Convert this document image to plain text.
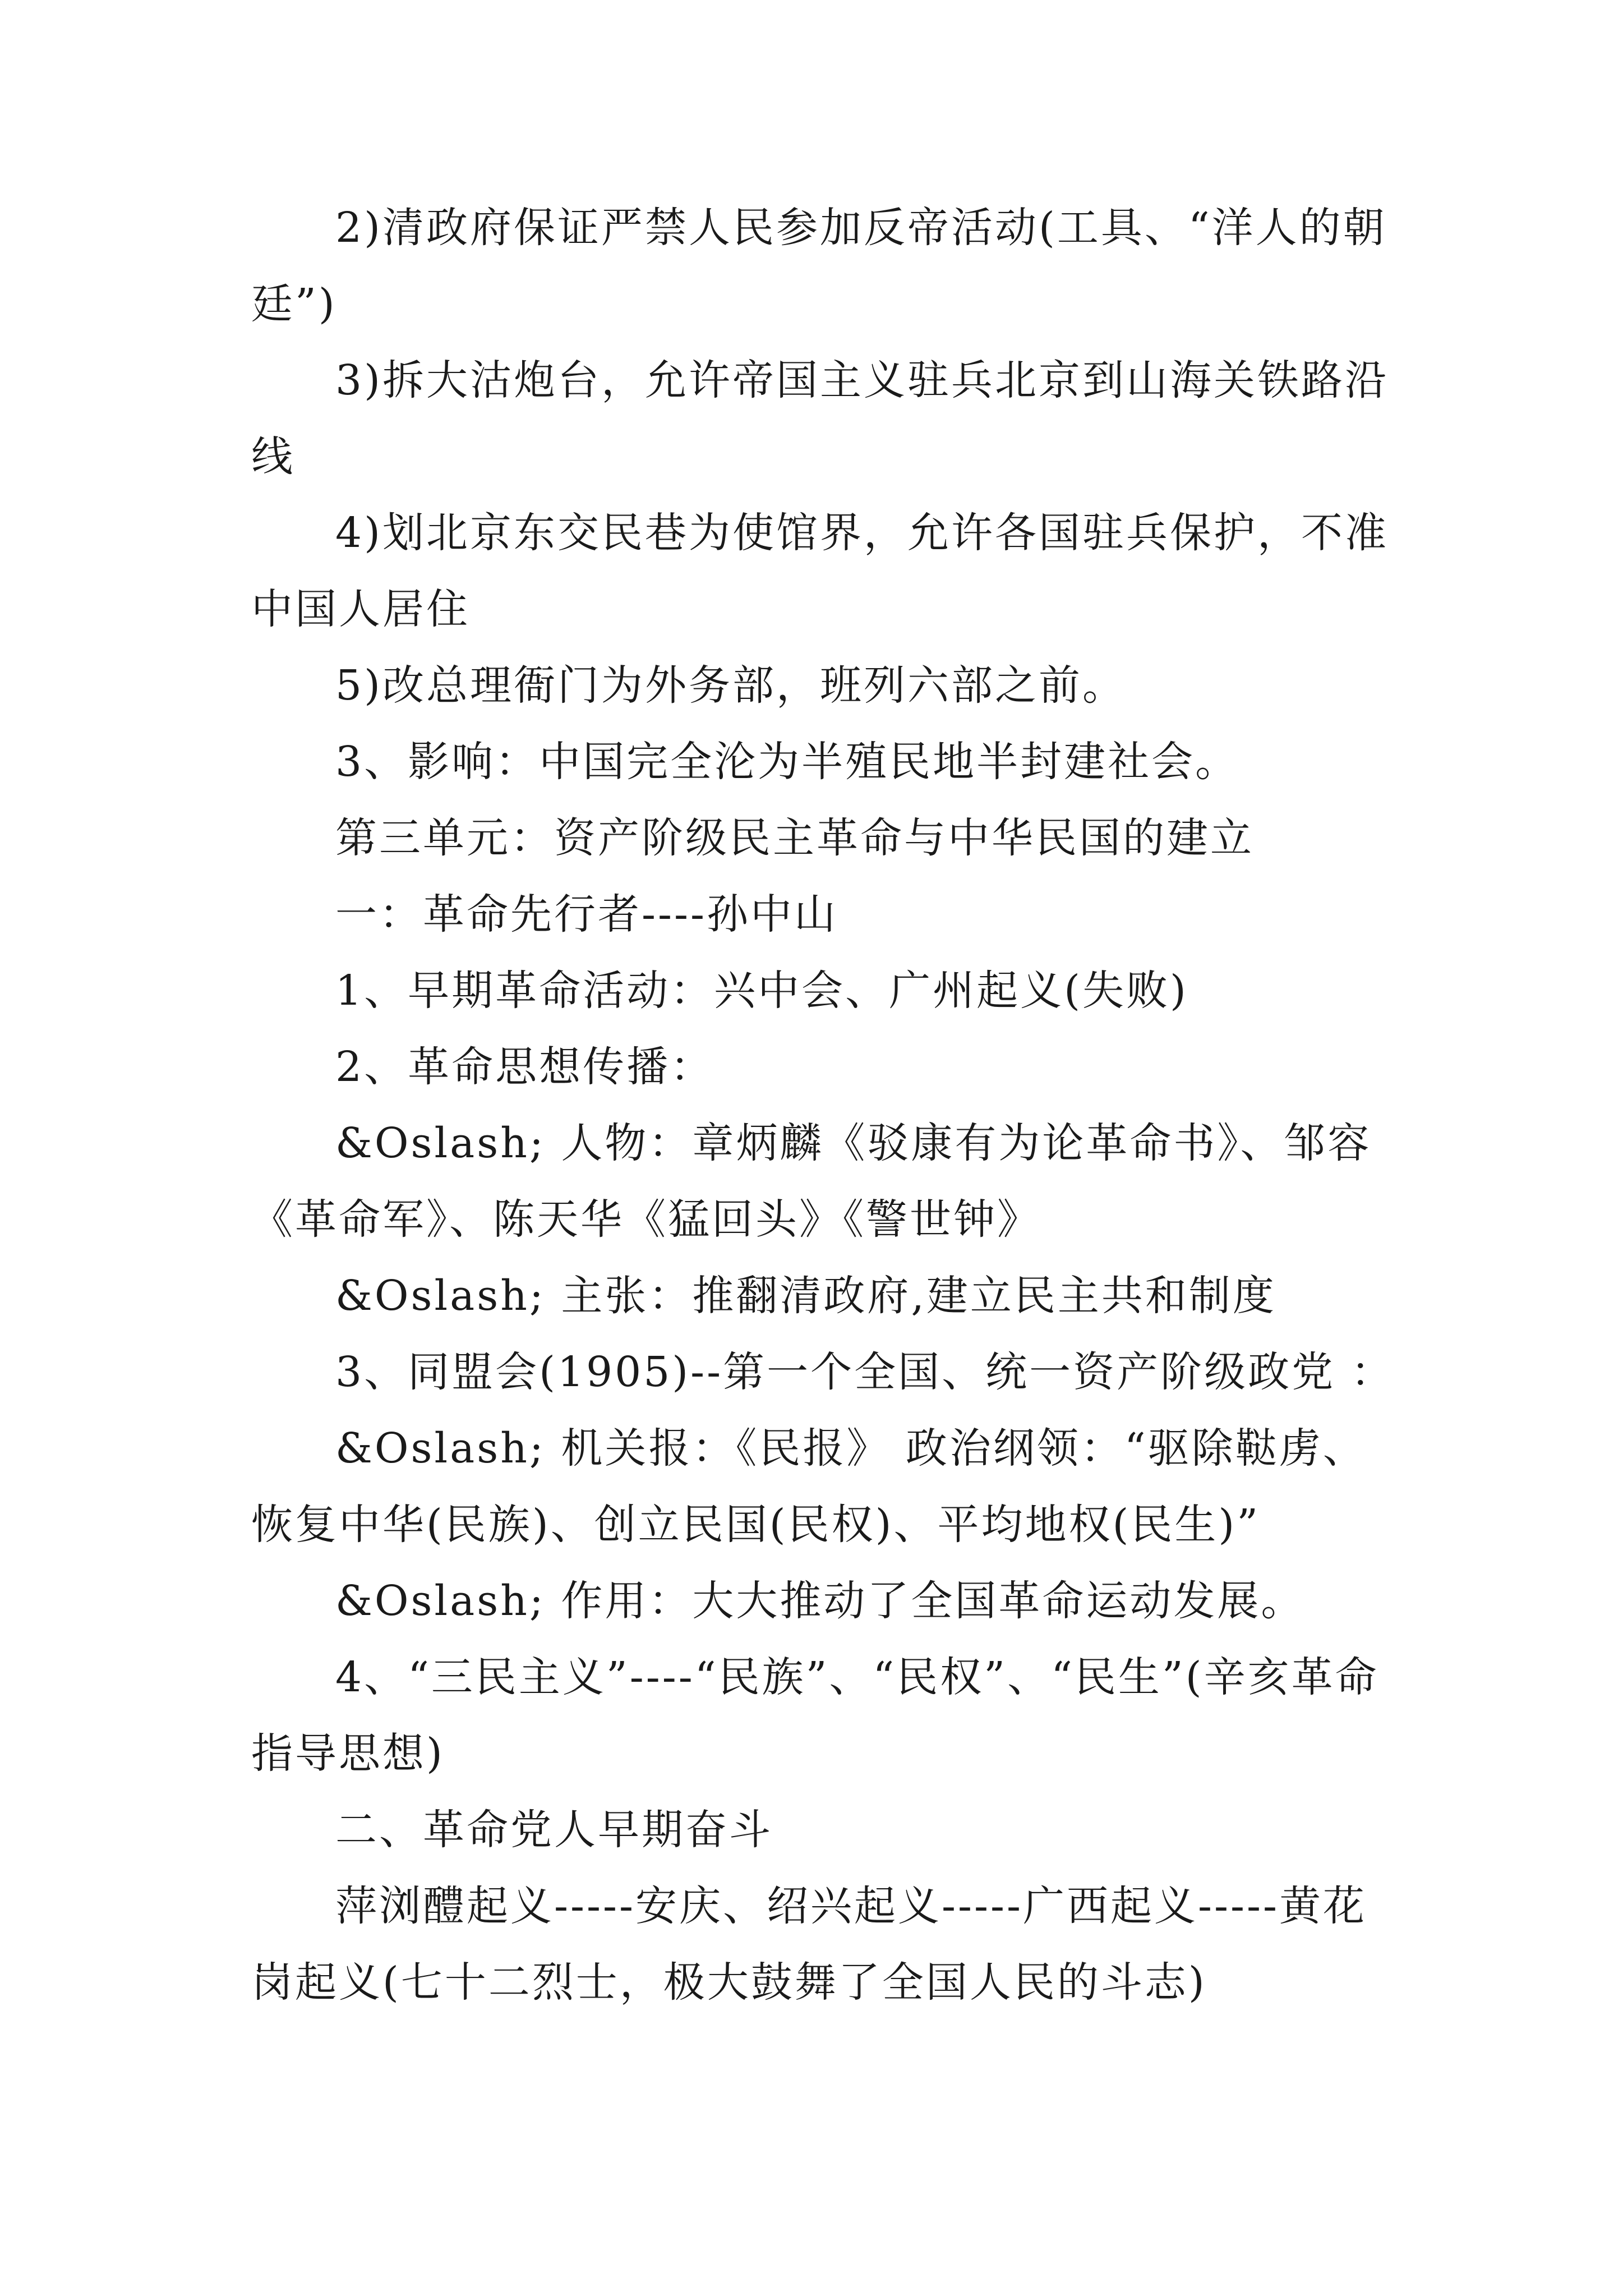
2)清政府保证严禁人民参加反帝活动(工具、“洋人的朝廷”)

3)拆大沽炮台，允许帝国主义驻兵北京到山海关铁路沿线

4)划北京东交民巷为使馆界，允许各国驻兵保护，不准中国人居住

5)改总理衙门为外务部，班列六部之前。

3、影响：中国完全沦为半殖民地半封建社会。

第三单元：资产阶级民主革命与中华民国的建立

一：革命先行者----孙中山

1、早期革命活动：兴中会、广州起义(失败)

2、革命思想传播：

&Oslash; 人物：章炳麟《驳康有为论革命书》、邹容《革命军》、陈天华《猛回头》《警世钟》

&Oslash; 主张：推翻清政府,建立民主共和制度

3、同盟会(1905)--第一个全国、统一资产阶级政党 ：

&Oslash; 机关报：《民报》 政治纲领：“驱除鞑虏、恢复中华(民族)、创立民国(民权)、平均地权(民生)”

&Oslash; 作用：大大推动了全国革命运动发展。

4、“三民主义”----“民族”、“民权”、“民生”(辛亥革命指导思想)

二、革命党人早期奋斗

萍浏醴起义-----安庆、绍兴起义-----广西起义-----黄花岗起义(七十二烈士，极大鼓舞了全国人民的斗志)
